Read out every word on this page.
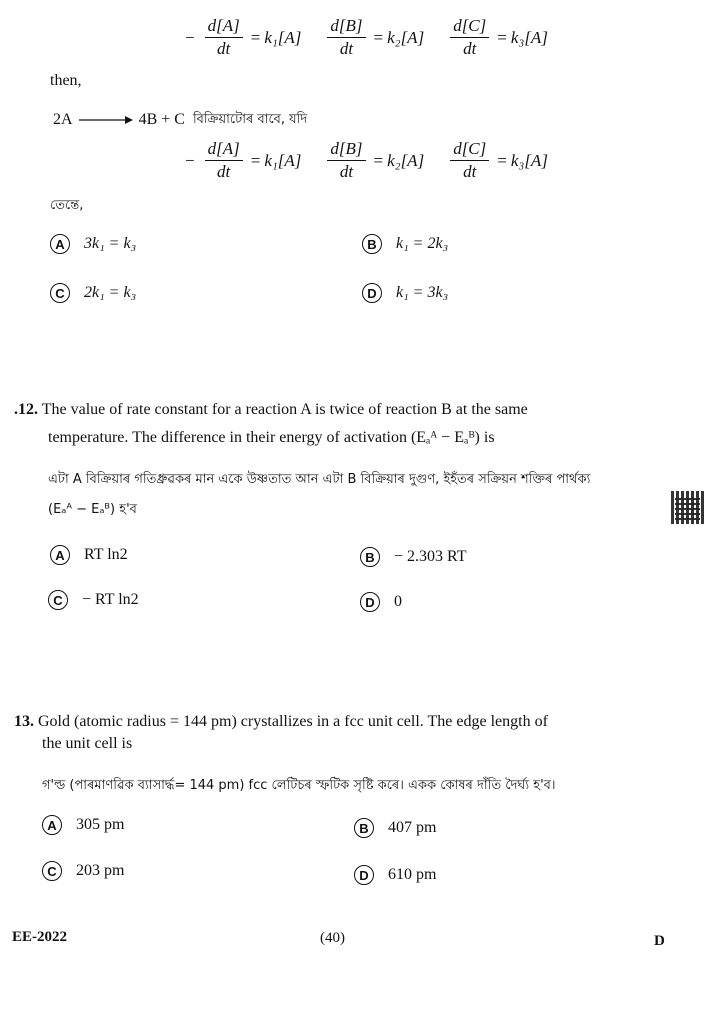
− $\frac{d[A]}{dt} = k_1[A] \frac{d[B]}{dt} = k_2[A] \frac{d[C]}{dt} = k_3[A]$
then,
2A → 4B + C বিক্ৰিয়াটোৰ বাবে, যদি
− $\frac{d[A]}{dt} = k_1[A] \frac{d[B]}{dt} = k_2[A] \frac{d[C]}{dt} = k_3[A]$
তেন্তে,
A	3k₁ = k₃	B	k₁ = 2k₃
C	2k₁ = k₃	D	k₁ = 3k₃
.12. The value of rate constant for a reaction A is twice of reaction B at the same
temperature. The difference in their energy of activation (Eₐᴬ − Eₐᴮ) is
এটা A বিক্ৰিয়াৰ গতিধ্ৰুৱকৰ মান একে উষ্ণতাত আন এটা B বিক্ৰিয়াৰ দুগুণ, ইহঁতৰ সক্ৰিয়ন শক্তিৰ পাৰ্থক্য
(Eₐᴬ − Eₐᴮ) হ'ব
A	RT ln2	B	− 2.303 RT
C	− RT ln2	D	0
13. Gold (atomic radius = 144 pm) crystallizes in a fcc unit cell. The edge length of
the unit cell is
গ'ল্ড (পাৰমাণৱিক ব্যাসাৰ্দ্ধ= 144 pm) fcc লেটিচৰ স্ফটিক সৃষ্টি কৰে। একক কোষৰ দাঁতি দৈৰ্ঘ্য হ'ব।
A	305 pm	B	407 pm
C	203 pm	D	610 pm
EE-2022	(40)	D
